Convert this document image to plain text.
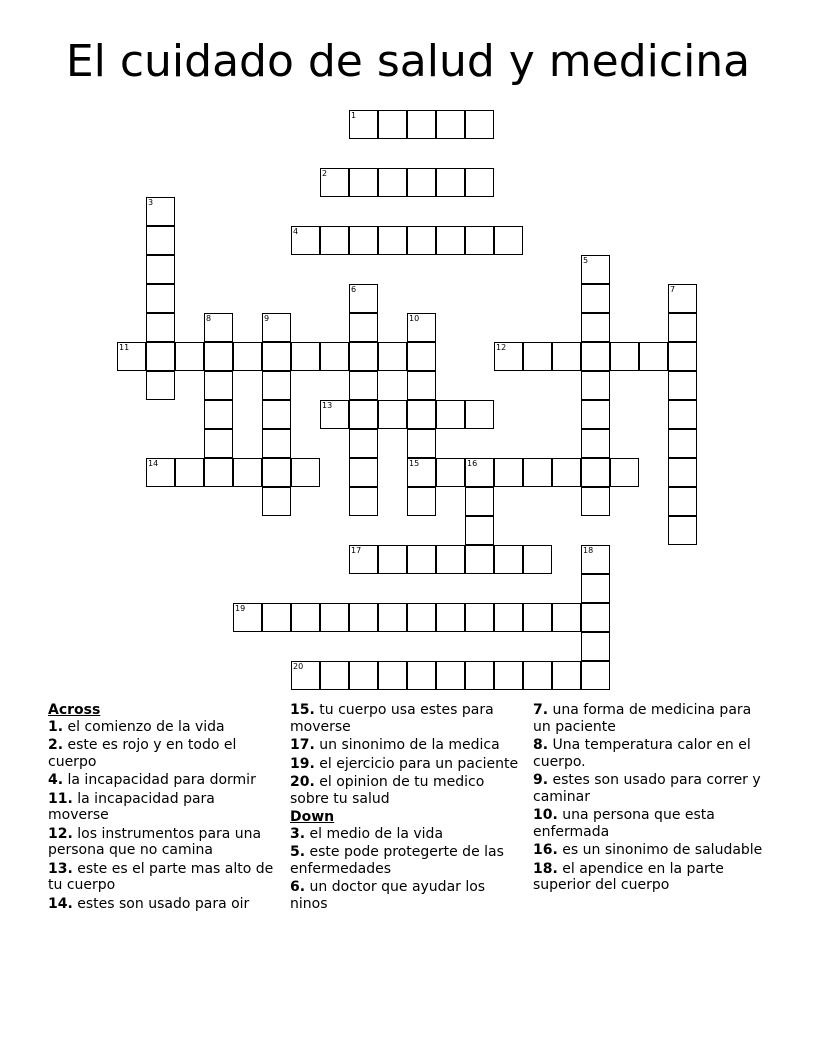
El cuidado de salud y medicina
1
2
4
11	12
13
14	15	16
17
19
20
3
5
6	7
8	9	10
18
Across
1. el comienzo de la vida
2. este es rojo y en todo el cuerpo
4. la incapacidad para dormir
11. la incapacidad para moverse
12. los instrumentos para una persona que no camina
13. este es el parte mas alto de tu cuerpo
14. estes son usado para oir
15. tu cuerpo usa estes para moverse
17. un sinonimo de la medica
19. el ejercicio para un paciente
20. el opinion de tu medico sobre tu salud
Down
3. el medio de la vida
5. este pode protegerte de las enfermedades
6. un doctor que ayudar los ninos
7. una forma de medicina para un paciente
8. Una temperatura calor en el cuerpo.
9. estes son usado para correr y caminar
10. una persona que esta enfermada
16. es un sinonimo de saludable
18. el apendice en la parte superior del cuerpo
